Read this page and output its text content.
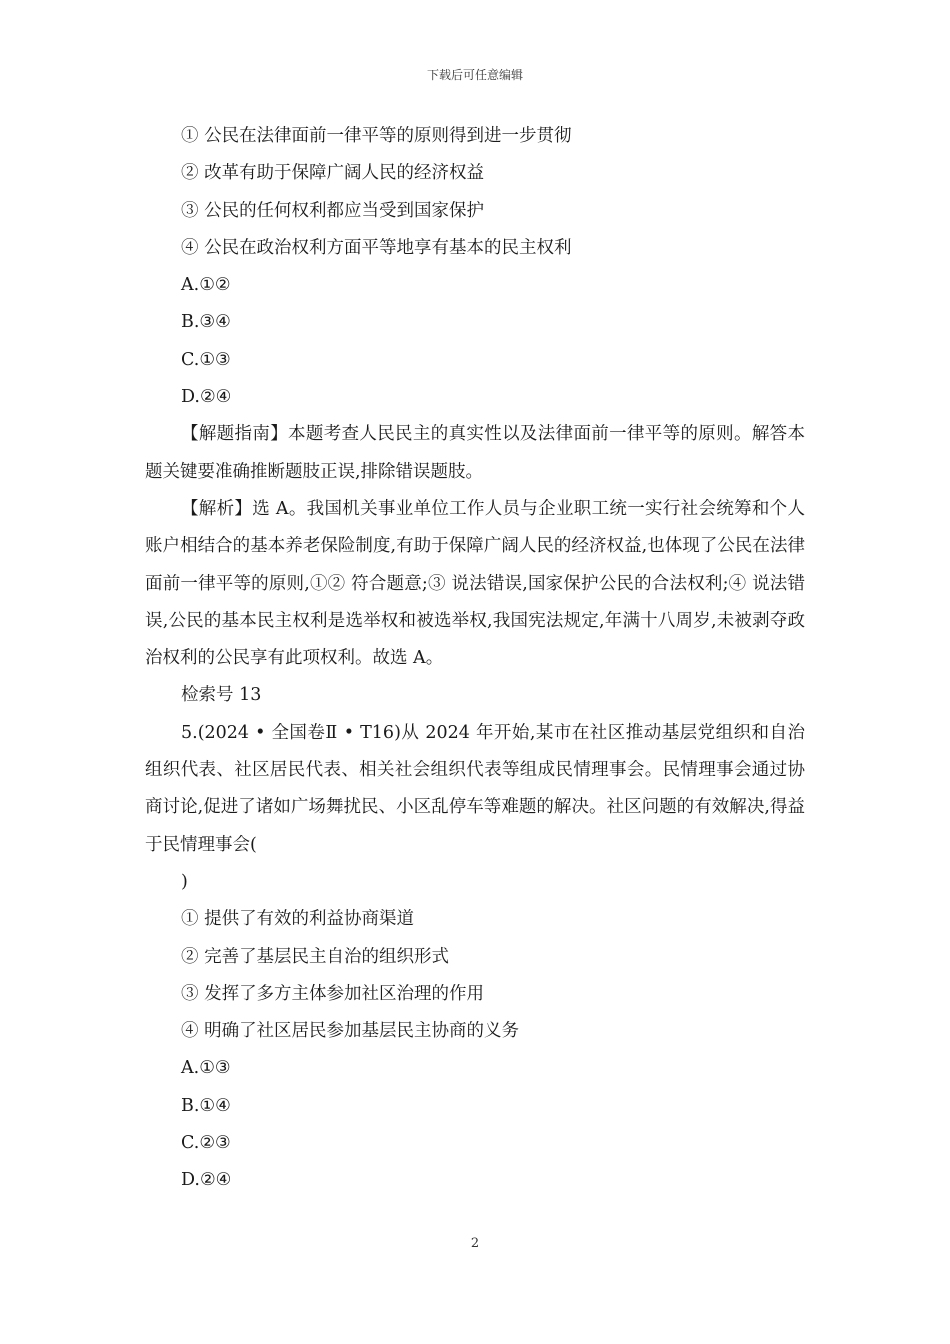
下载后可任意编辑
① 公民在法律面前一律平等的原则得到进一步贯彻
② 改革有助于保障广阔人民的经济权益
③ 公民的任何权利都应当受到国家保护
④ 公民在政治权利方面平等地享有基本的民主权利
A.①②
B.③④
C.①③
D.②④
【解题指南】本题考查人民民主的真实性以及法律面前一律平等的原则。解答本题关键要准确推断题肢正误,排除错误题肢。
【解析】选 A。我国机关事业单位工作人员与企业职工统一实行社会统筹和个人账户相结合的基本养老保险制度,有助于保障广阔人民的经济权益,也体现了公民在法律面前一律平等的原则,①② 符合题意;③ 说法错误,国家保护公民的合法权利;④ 说法错误,公民的基本民主权利是选举权和被选举权,我国宪法规定,年满十八周岁,未被剥夺政治权利的公民享有此项权利。故选 A。
检索号 13
5.(2024 • 全国卷Ⅱ • T16)从 2024 年开始,某市在社区推动基层党组织和自治组织代表、社区居民代表、相关社会组织代表等组成民情理事会。民情理事会通过协商讨论,促进了诸如广场舞扰民、小区乱停车等难题的解决。社区问题的有效解决,得益于民情理事会(
)
① 提供了有效的利益协商渠道
② 完善了基层民主自治的组织形式
③ 发挥了多方主体参加社区治理的作用
④ 明确了社区居民参加基层民主协商的义务
A.①③
B.①④
C.②③
D.②④
2
